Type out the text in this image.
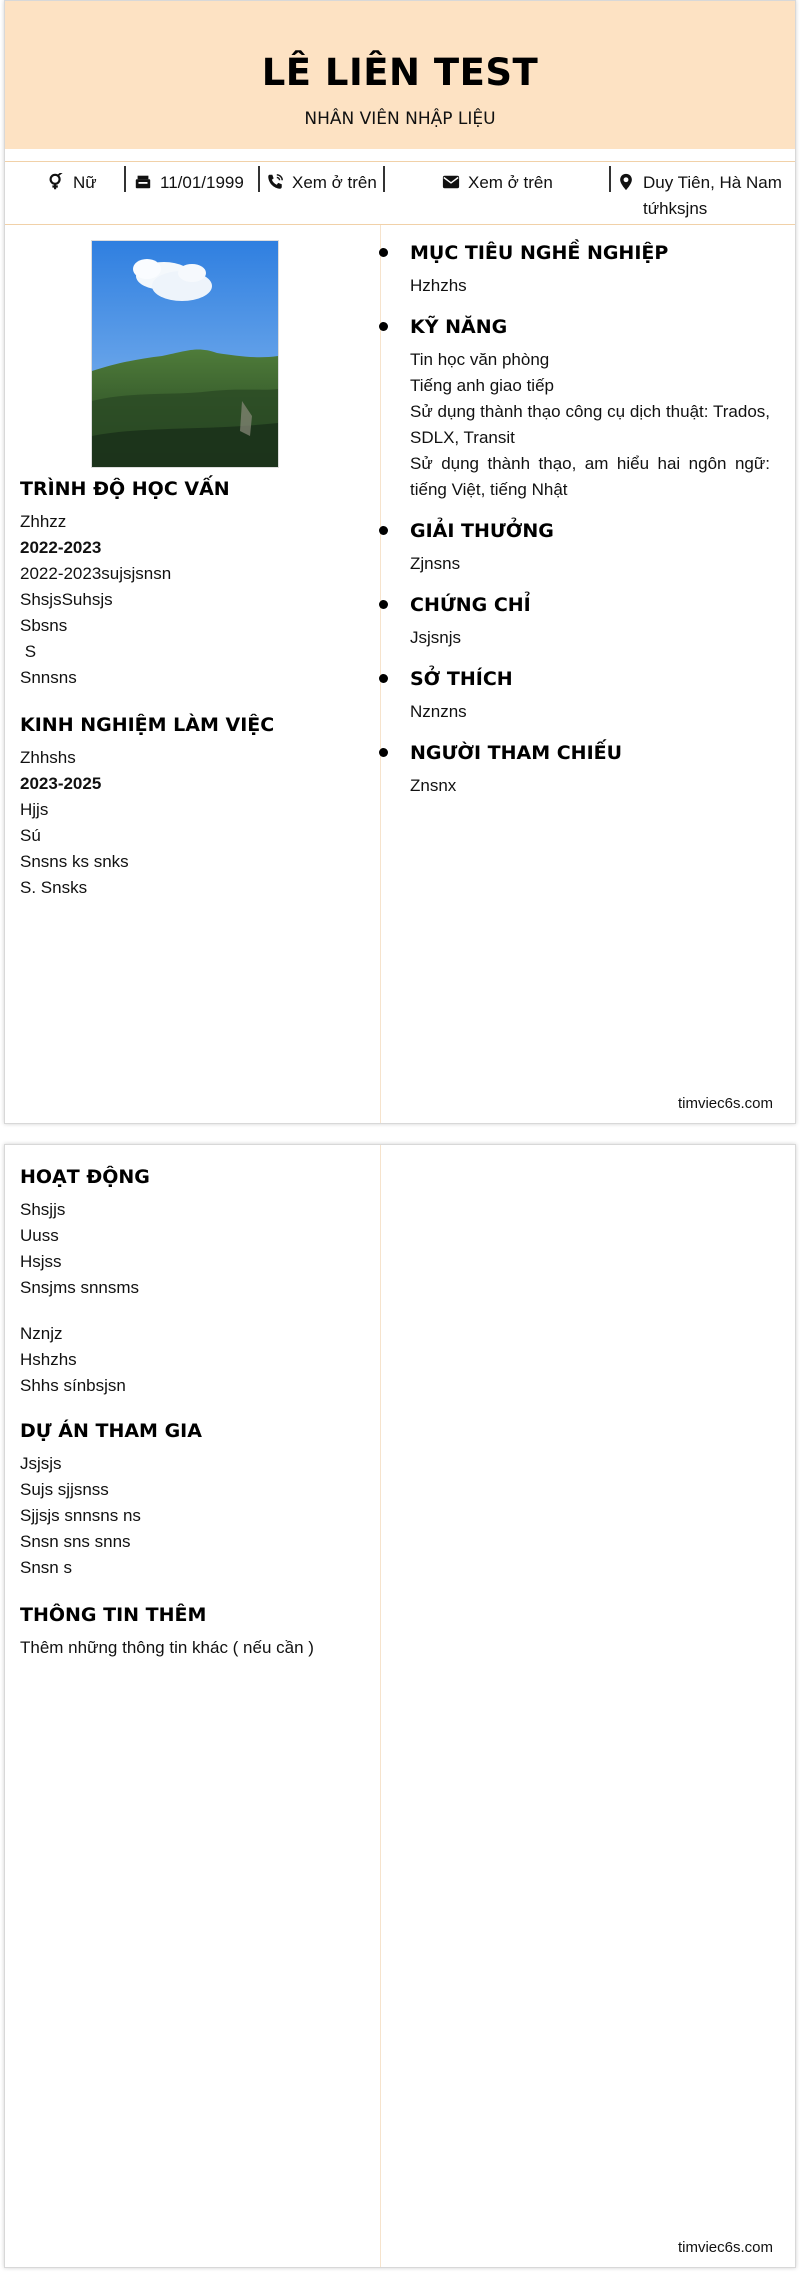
LÊ LIÊN TEST
NHÂN VIÊN NHẬP LIỆU
Nữ	11/01/1999	Xem ở trên	Xem ở trên	Duy Tiên, Hà Nam
tứhksjns
TRÌNH ĐỘ HỌC VẤN
Zhhzz
2022-2023
2022-2023sujsjsnsn
ShsjsSuhsjs
Sbsns
S
Snnsns
KINH NGHIỆM LÀM VIỆC
Zhhshs
2023-2025
Hjjs
Sú
Snsns ks snks
S. Snsks
MỤC TIÊU NGHỀ NGHIỆP
Hzhzhs
KỸ NĂNG
Tin học văn phòng
Tiếng anh giao tiếp
Sử dụng thành thạo công cụ dịch thuật: Trados, SDLX, Transit
Sử dụng thành thạo, am hiểu hai ngôn ngữ: tiếng Việt, tiếng Nhật
GIẢI THƯỞNG
Zjnsns
CHỨNG CHỈ
Jsjsnjs
SỞ THÍCH
Nznzns
NGƯỜI THAM CHIẾU
Znsnx
timviec6s.com
HOẠT ĐỘNG
Shsjjs
Uuss
Hsjss
Snsjms snnsms
Nznjz
Hshzhs
Shhs sínbsjsn
DỰ ÁN THAM GIA
Jsjsjs
Sujs sjjsnss
Sjjsjs snnsns ns
Snsn sns snns
Snsn s
THÔNG TIN THÊM
Thêm những thông tin khác ( nếu cần )
timviec6s.com
